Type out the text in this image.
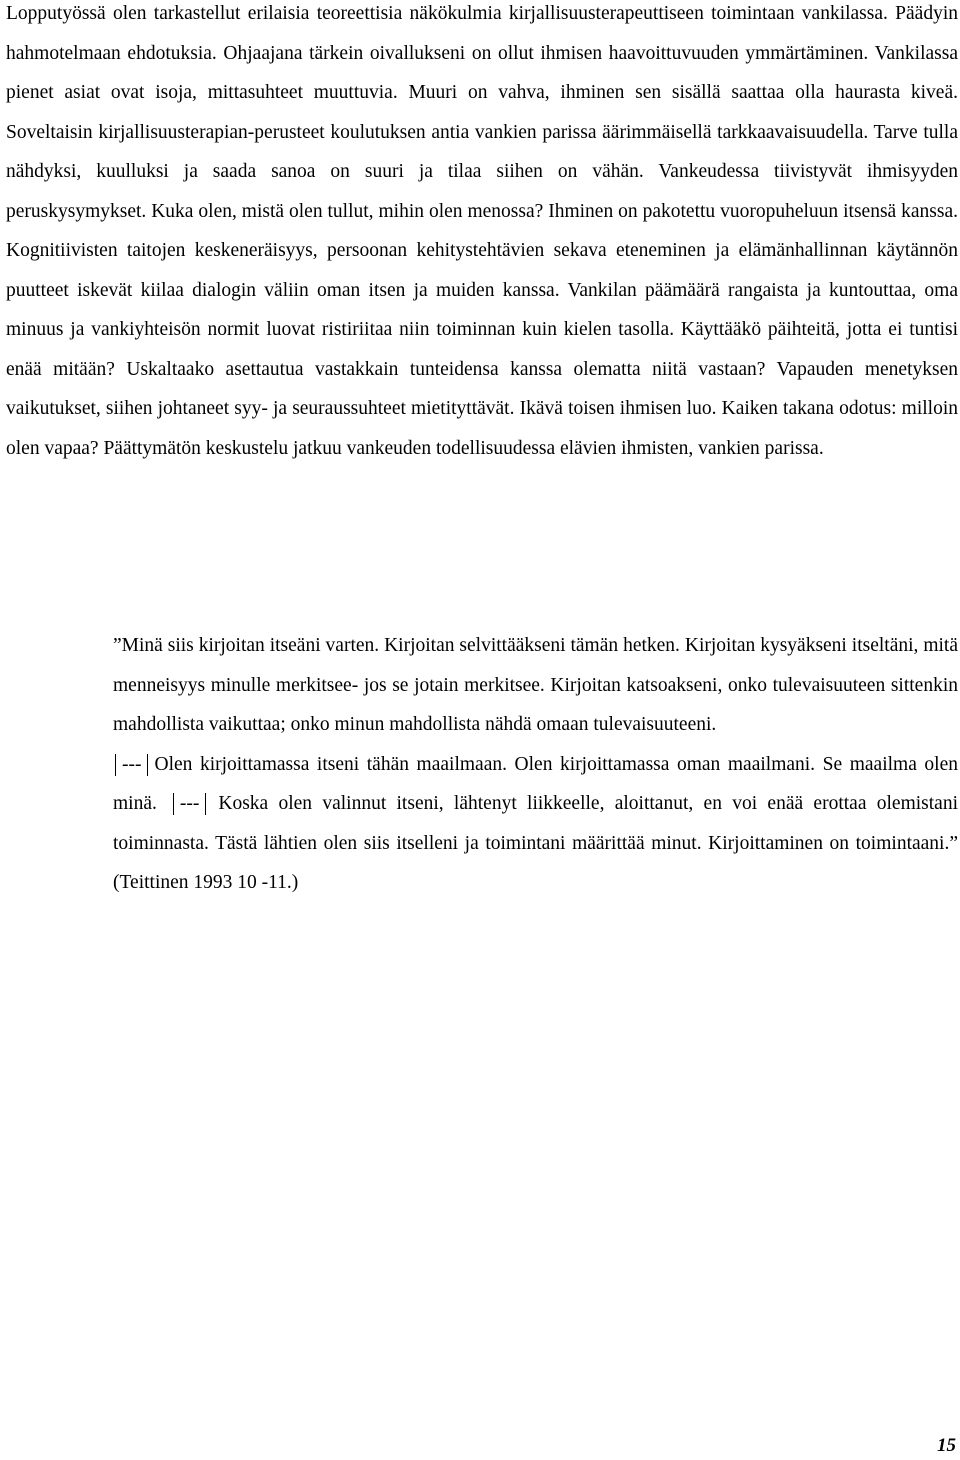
Lopputyössä olen tarkastellut erilaisia teoreettisia näkökulmia kirjallisuusterapeuttiseen toimintaan vankilassa. Päädyin hahmotelmaan ehdotuksia. Ohjaajana tärkein oivallukseni on ollut ihmisen haavoittuvuuden ymmärtäminen. Vankilassa pienet asiat ovat isoja, mittasuhteet muuttuvia. Muuri on vahva, ihminen sen sisällä saattaa olla haurasta kiveä. Soveltaisin kirjallisuusterapian-perusteet koulutuksen antia vankien parissa äärimmäisellä tarkkaavaisuudella. Tarve tulla nähdyksi, kuulluksi ja saada sanoa on suuri ja tilaa siihen on vähän. Vankeudessa tiivistyvät ihmisyyden peruskysymykset. Kuka olen, mistä olen tullut, mihin olen menossa? Ihminen on pakotettu vuoropuheluun itsensä kanssa. Kognitiivisten taitojen keskeneräisyys, persoonan kehitystehtävien sekava eteneminen ja elämänhallinnan käytännön puutteet iskevät kiilaa dialogin väliin oman itsen ja muiden kanssa. Vankilan päämäärä rangaista ja kuntouttaa, oma minuus ja vankiyhteisön normit luovat ristiriitaa niin toiminnan kuin kielen tasolla. Käyttääkö päihteitä, jotta ei tuntisi enää mitään? Uskaltaako asettautua vastakkain tunteidensa kanssa olematta niitä vastaan? Vapauden menetyksen vaikutukset, siihen johtaneet syy- ja seuraussuhteet mietityttävät. Ikävä toisen ihmisen luo. Kaiken takana odotus: milloin olen vapaa? Päättymätön keskustelu jatkuu vankeuden todellisuudessa elävien ihmisten, vankien parissa.

”Minä siis kirjoitan itseäni varten. Kirjoitan selvittääkseni tämän hetken. Kirjoitan kysyäkseni itseltäni, mitä menneisyys minulle merkitsee- jos se jotain merkitsee. Kirjoitan katsoakseni, onko tulevaisuuteen sittenkin mahdollista vaikuttaa; onko minun mahdollista nähdä omaan tulevaisuuteeni.

--- Olen kirjoittamassa itseni tähän maailmaan. Olen kirjoittamassa oman maailmani. Se maailma olen minä. --- Koska olen valinnut itseni, lähtenyt liikkeelle, aloittanut, en voi enää erottaa olemistani toiminnasta. Tästä lähtien olen siis itselleni ja toimintani määrittää minut. Kirjoittaminen on toimintaani.” (Teittinen 1993 10 -11.)

15
